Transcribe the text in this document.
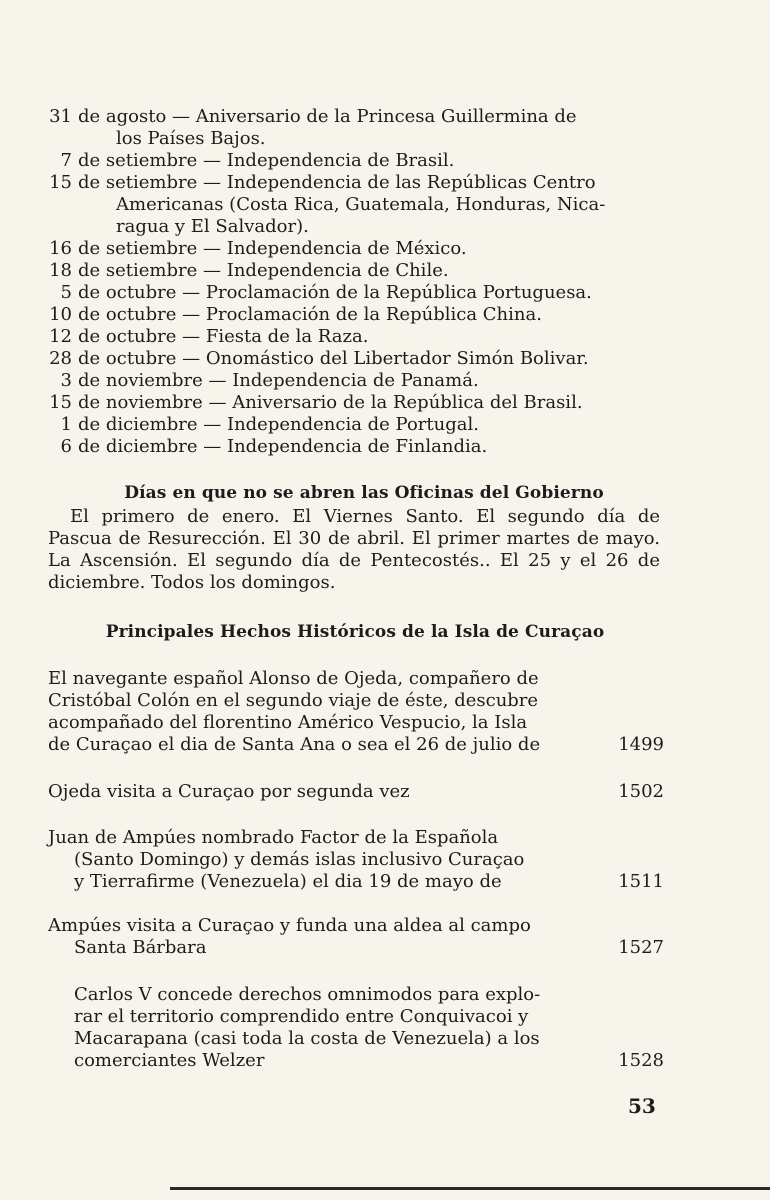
31 de agosto — Aniversario de la Princesa Guillermina de
los Países Bajos.
7 de setiembre — Independencia de Brasil.
15 de setiembre — Independencia de las Repúblicas Centro
Americanas (Costa Rica, Guatemala, Honduras, Nica-
ragua y El Salvador).
16 de setiembre — Independencia de México.
18 de setiembre — Independencia de Chile.
5 de octubre — Proclamación de la República Portuguesa.
10 de octubre — Proclamación de la República China.
12 de octubre — Fiesta de la Raza.
28 de octubre — Onomástico del Libertador Simón Bolivar.
3 de noviembre — Independencia de Panamá.
15 de noviembre — Aniversario de la República del Brasil.
1 de diciembre — Independencia de Portugal.
6 de diciembre — Independencia de Finlandia.
Días en que no se abren las Oficinas del Gobierno
El primero de enero. El Viernes Santo. El segundo día de Pascua de Resurección. El 30 de abril. El primer martes de mayo. La Ascensión. El segundo día de Pentecostés.. El 25 y el 26 de diciembre. Todos los domingos.
Principales Hechos Históricos de la Isla de Curaçao
El navegante español Alonso de Ojeda, compañero de
Cristóbal Colón en el segundo viaje de éste, descubre
acompañado del florentino Américo Vespucio, la Isla
de Curaçao el dia de Santa Ana o sea el 26 de julio de	1499
Ojeda visita a Curaçao por segunda vez	1502
Juan de Ampúes nombrado Factor de la Española
(Santo Domingo) y demás islas inclusivo Curaçao
y Tierrafirme (Venezuela) el dia 19 de mayo de	1511
Ampúes visita a Curaçao y funda una aldea al campo
Santa Bárbara	1527
Carlos V concede derechos omnimodos para explo-
rar el territorio comprendido entre Conquivacoi y
Macarapana (casi toda la costa de Venezuela) a los
comerciantes Welzer	1528
53
